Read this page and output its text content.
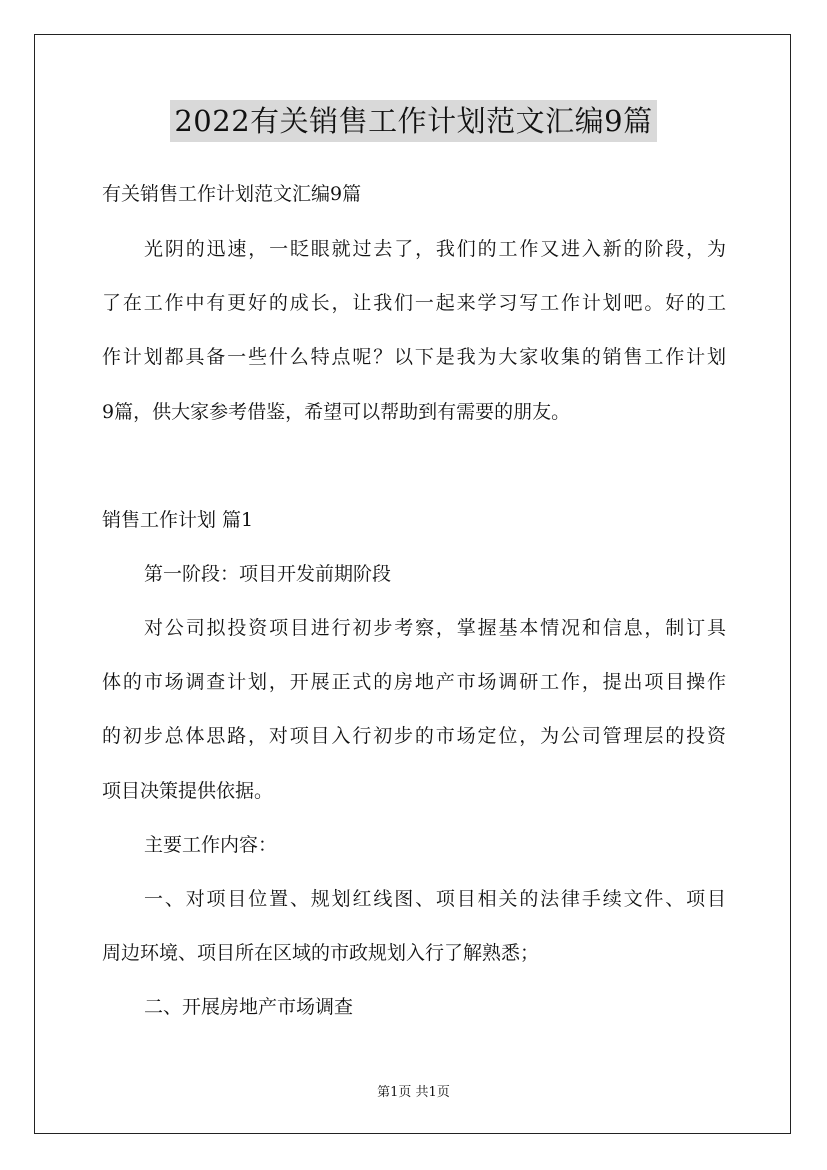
2022有关销售工作计划范文汇编9篇

有关销售工作计划范文汇编9篇

光阴的迅速，一眨眼就过去了，我们的工作又进入新的阶段，为

了在工作中有更好的成长，让我们一起来学习写工作计划吧。好的工

作计划都具备一些什么特点呢？以下是我为大家收集的销售工作计划

9篇，供大家参考借鉴，希望可以帮助到有需要的朋友。

销售工作计划 篇1

第一阶段：项目开发前期阶段

对公司拟投资项目进行初步考察，掌握基本情况和信息，制订具

体的市场调查计划，开展正式的房地产市场调研工作，提出项目操作

的初步总体思路，对项目入行初步的市场定位，为公司管理层的投资

项目决策提供依据。

主要工作内容：

一、对项目位置、规划红线图、项目相关的法律手续文件、项目

周边环境、项目所在区域的市政规划入行了解熟悉；

二、开展房地产市场调查

第1页 共1页
